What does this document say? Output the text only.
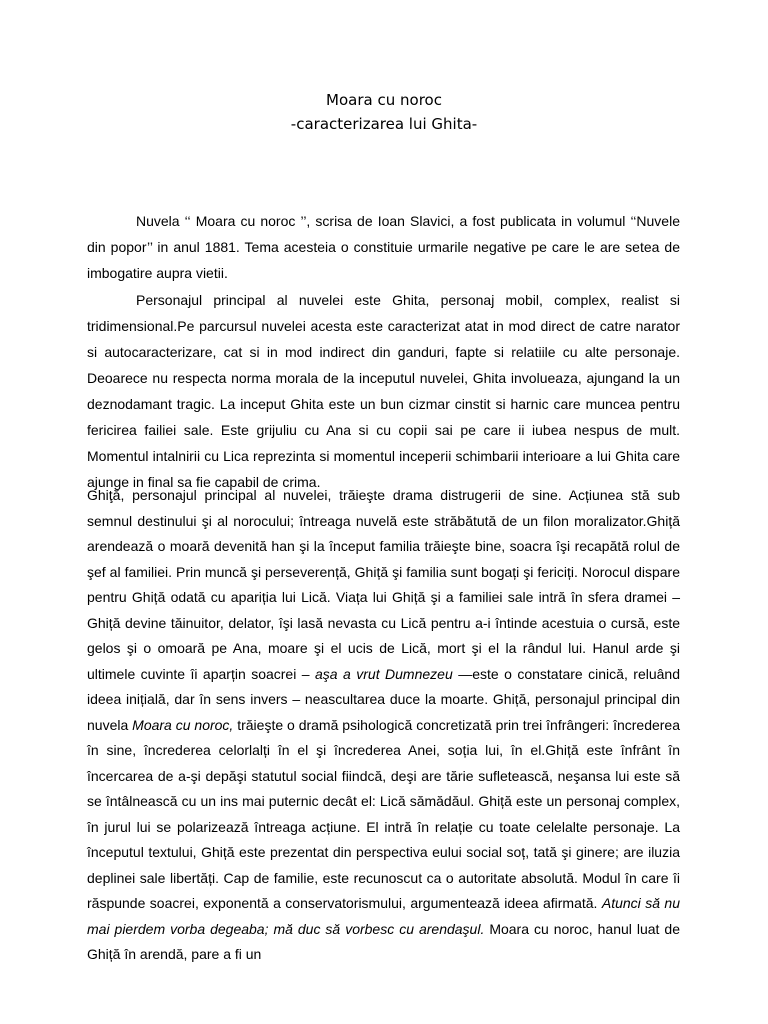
Moara cu noroc
-caracterizarea lui Ghita-

Nuvela ‘‘ Moara cu noroc ’’, scrisa de Ioan Slavici, a fost publicata in volumul ‘‘Nuvele din popor’’ in anul 1881. Tema acesteia o constituie urmarile negative pe care le are setea de imbogatire aupra vietii.

Personajul principal al nuvelei este Ghita, personaj mobil, complex, realist si tridimensional.Pe parcursul nuvelei acesta este caracterizat atat in mod direct de catre narator si autocaracterizare, cat si in mod indirect din ganduri, fapte si relatiile cu alte personaje. Deoarece nu respecta norma morala de la inceputul nuvelei, Ghita involueaza, ajungand la un deznodamant tragic. La inceput Ghita este un bun cizmar cinstit si harnic care muncea pentru fericirea failiei sale. Este grijuliu cu Ana si cu copii sai pe care ii iubea nespus de mult. Momentul intalnirii cu Lica reprezinta si momentul inceperii schimbarii interioare a lui Ghita care ajunge in final sa fie capabil de crima.

Ghiţă, personajul principal al nuvelei, trăieşte drama distrugerii de sine. Acțiunea stă sub semnul destinului şi al norocului; întreaga nuvelă este străbătută de un filon moralizator.Ghiță arendează o moară devenită han şi la început familia trăieşte bine, soacra îşi recapătă rolul de şef al familiei. Prin muncă şi perseverență, Ghiță şi familia sunt bogați şi fericiți. Norocul dispare pentru Ghiță odată cu apariția lui Lică. Viața lui Ghiță şi a familiei sale intră în sfera dramei – Ghiță devine tăinuitor, delator, îşi lasă nevasta cu Lică pentru a-i întinde acestuia o cursă, este gelos şi o omoară pe Ana, moare şi el ucis de Lică, mort şi el la rândul lui. Hanul arde şi ultimele cuvinte îi aparțin soacrei – aşa a vrut Dumnezeu —este o constatare cinică, reluând ideea inițială, dar în sens invers – neascultarea duce la moarte. Ghiță, personajul principal din nuvela Moara cu noroc, trăieşte o dramă psihologică concretizată prin trei înfrângeri: încrederea în sine, încrederea celorlalți în el şi încrederea Anei, soția lui, în el.Ghiță este înfrânt în încercarea de a-şi depăşi statutul social fiindcă, deşi are tărie sufletească, neşansa lui este să se întâlnească cu un ins mai puternic decât el: Lică sămădăul. Ghiță este un personaj complex, în jurul lui se polarizează întreaga acțiune. El intră în relație cu toate celelalte personaje. La începutul textului, Ghiță este prezentat din perspectiva eului social soț, tată şi ginere; are iluzia deplinei sale libertăți. Cap de familie, este recunoscut ca o autoritate absolută. Modul în care îi răspunde soacrei, exponentă a conservatorismului, argumentează ideea afirmată. Atunci să nu mai pierdem vorba degeaba; mă duc să vorbesc cu arendaşul. Moara cu noroc, hanul luat de Ghiță în arendă, pare a fi un
